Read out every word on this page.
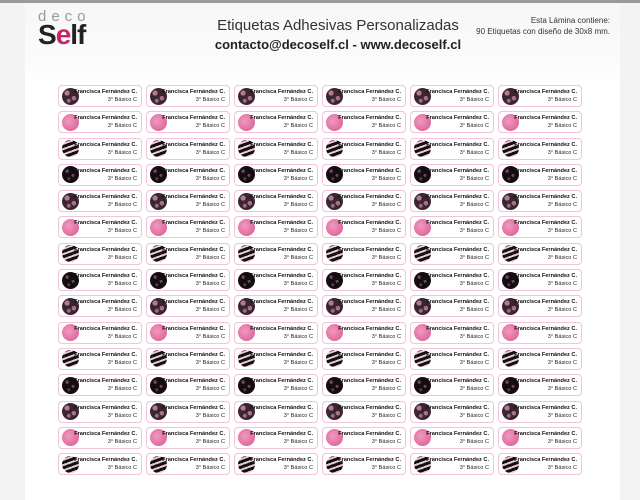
deco
Self	Etiquetas Adhesivas Personalizadas
contacto@decoself.cl - www.decoself.cl
Esta Lámina contiene:
90 Etiquetas con diseño de 30x8 mm.
Francisca Fernández C.
3° Básico C
Francisca Fernández C.
3° Básico C
Francisca Fernández C.
3° Básico C
Francisca Fernández C.
3° Básico C
Francisca Fernández C.
3° Básico C
Francisca Fernández C.
3° Básico C
Francisca Fernández C.
3° Básico C
Francisca Fernández C.
3° Básico C
Francisca Fernández C.
3° Básico C
Francisca Fernández C.
3° Básico C
Francisca Fernández C.
3° Básico C
Francisca Fernández C.
3° Básico C
Francisca Fernández C.
3° Básico C
Francisca Fernández C.
3° Básico C
Francisca Fernández C.
3° Básico C
Francisca Fernández C.
3° Básico C
Francisca Fernández C.
3° Básico C
Francisca Fernández C.
3° Básico C
Francisca Fernández C.
3° Básico C
Francisca Fernández C.
3° Básico C
Francisca Fernández C.
3° Básico C
Francisca Fernández C.
3° Básico C
Francisca Fernández C.
3° Básico C
Francisca Fernández C.
3° Básico C
Francisca Fernández C.
3° Básico C
Francisca Fernández C.
3° Básico C
Francisca Fernández C.
3° Básico C
Francisca Fernández C.
3° Básico C
Francisca Fernández C.
3° Básico C
Francisca Fernández C.
3° Básico C
Francisca Fernández C.
3° Básico C
Francisca Fernández C.
3° Básico C
Francisca Fernández C.
3° Básico C
Francisca Fernández C.
3° Básico C
Francisca Fernández C.
3° Básico C
Francisca Fernández C.
3° Básico C
Francisca Fernández C.
3° Básico C
Francisca Fernández C.
3° Básico C
Francisca Fernández C.
3° Básico C
Francisca Fernández C.
3° Básico C
Francisca Fernández C.
3° Básico C
Francisca Fernández C.
3° Básico C
Francisca Fernández C.
3° Básico C
Francisca Fernández C.
3° Básico C
Francisca Fernández C.
3° Básico C
Francisca Fernández C.
3° Básico C
Francisca Fernández C.
3° Básico C
Francisca Fernández C.
3° Básico C
Francisca Fernández C.
3° Básico C
Francisca Fernández C.
3° Básico C
Francisca Fernández C.
3° Básico C
Francisca Fernández C.
3° Básico C
Francisca Fernández C.
3° Básico C
Francisca Fernández C.
3° Básico C
Francisca Fernández C.
3° Básico C
Francisca Fernández C.
3° Básico C
Francisca Fernández C.
3° Básico C
Francisca Fernández C.
3° Básico C
Francisca Fernández C.
3° Básico C
Francisca Fernández C.
3° Básico C
Francisca Fernández C.
3° Básico C
Francisca Fernández C.
3° Básico C
Francisca Fernández C.
3° Básico C
Francisca Fernández C.
3° Básico C
Francisca Fernández C.
3° Básico C
Francisca Fernández C.
3° Básico C
Francisca Fernández C.
3° Básico C
Francisca Fernández C.
3° Básico C
Francisca Fernández C.
3° Básico C
Francisca Fernández C.
3° Básico C
Francisca Fernández C.
3° Básico C
Francisca Fernández C.
3° Básico C
Francisca Fernández C.
3° Básico C
Francisca Fernández C.
3° Básico C
Francisca Fernández C.
3° Básico C
Francisca Fernández C.
3° Básico C
Francisca Fernández C.
3° Básico C
Francisca Fernández C.
3° Básico C
Francisca Fernández C.
3° Básico C
Francisca Fernández C.
3° Básico C
Francisca Fernández C.
3° Básico C
Francisca Fernández C.
3° Básico C
Francisca Fernández C.
3° Básico C
Francisca Fernández C.
3° Básico C
Francisca Fernández C.
3° Básico C
Francisca Fernández C.
3° Básico C
Francisca Fernández C.
3° Básico C
Francisca Fernández C.
3° Básico C
Francisca Fernández C.
3° Básico C
Francisca Fernández C.
3° Básico C
